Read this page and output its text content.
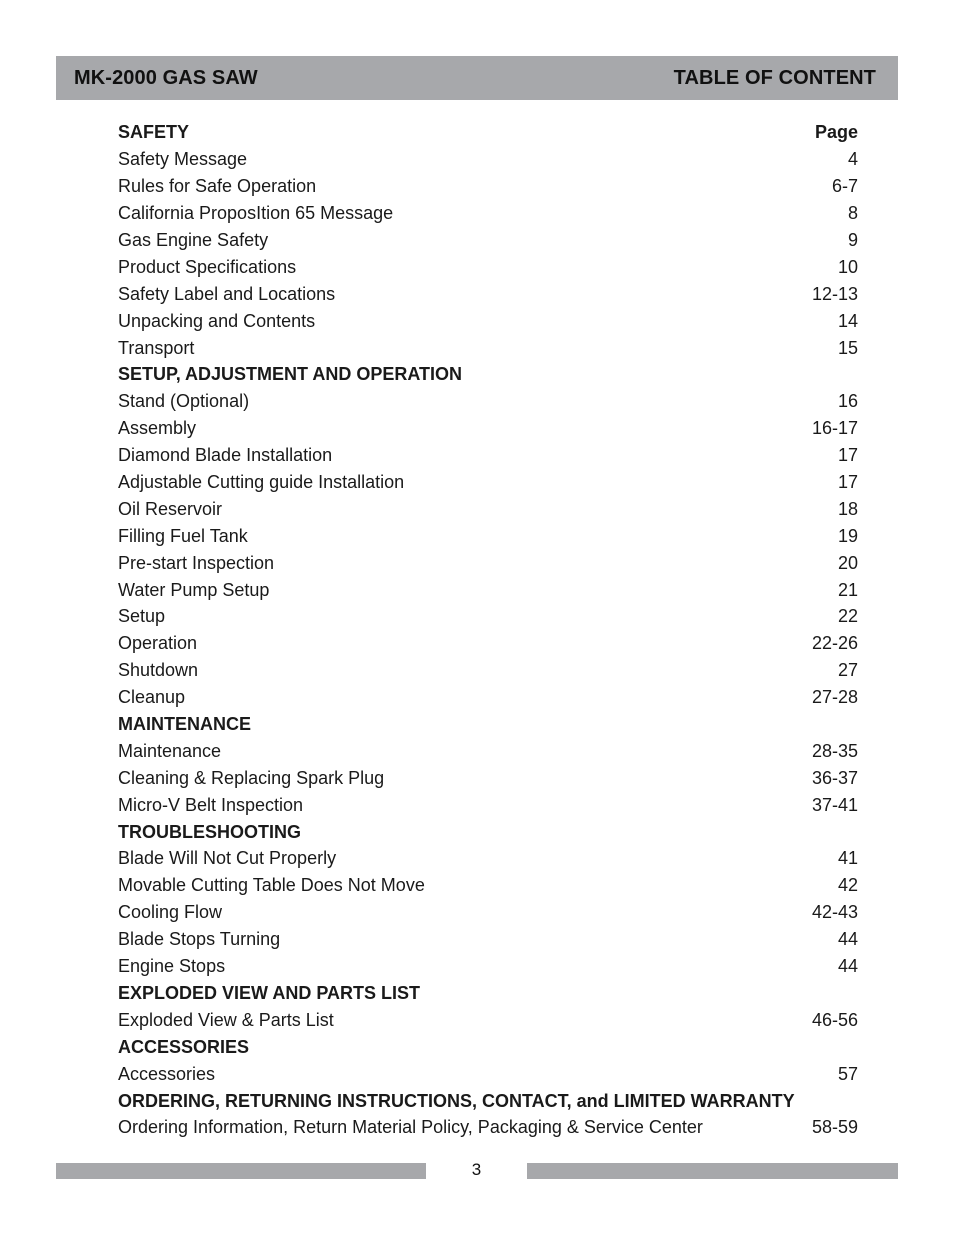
MK-2000 GAS SAW	TABLE OF CONTENT
SAFETY	Page
Safety Message	4
Rules for Safe Operation	6-7
California ProposItion 65 Message	8
Gas Engine Safety	9
Product Specifications	10
Safety Label and Locations	12-13
Unpacking and Contents	14
Transport	15
SETUP, ADJUSTMENT AND OPERATION
Stand (Optional)	16
Assembly	16-17
Diamond Blade Installation	17
Adjustable Cutting guide Installation	17
Oil Reservoir	18
Filling Fuel Tank	19
Pre-start Inspection	20
Water Pump Setup	21
Setup	22
Operation	22-26
Shutdown	27
Cleanup	27-28
MAINTENANCE
Maintenance	28-35
Cleaning & Replacing Spark Plug	36-37
Micro-V Belt Inspection	37-41
TROUBLESHOOTING
Blade Will Not Cut Properly	41
Movable Cutting Table Does Not Move	42
Cooling Flow	42-43
Blade Stops Turning	44
Engine Stops	44
EXPLODED VIEW AND PARTS LIST
Exploded View & Parts List	46-56
ACCESSORIES
Accessories	57
ORDERING, RETURNING INSTRUCTIONS, CONTACT, and LIMITED WARRANTY
Ordering Information, Return Material Policy, Packaging & Service Center	58-59
3
